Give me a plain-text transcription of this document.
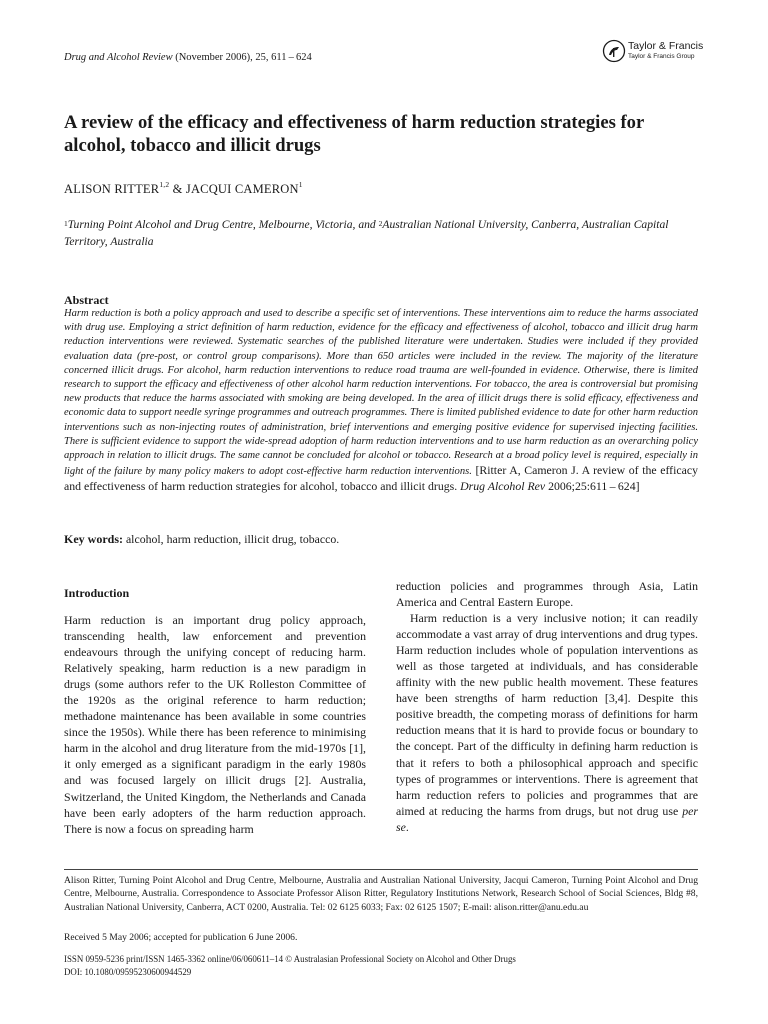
Drug and Alcohol Review (November 2006), 25, 611 – 624
Taylor & Francis
Taylor & Francis Group
A review of the efficacy and effectiveness of harm reduction strategies for alcohol, tobacco and illicit drugs
ALISON RITTER$^{1,2}$ & JACQUI CAMERON$^1$
$^1$Turning Point Alcohol and Drug Centre, Melbourne, Victoria, and $^2$Australian National University, Canberra, Australian Capital Territory, Australia
Abstract
Harm reduction is both a policy approach and used to describe a specific set of interventions. These interventions aim to reduce the harms associated with drug use. Employing a strict definition of harm reduction, evidence for the efficacy and effectiveness of alcohol, tobacco and illicit drug harm reduction interventions were reviewed. Systematic searches of the published literature were undertaken. Studies were included if they provided evaluation data (pre-post, or control group comparisons). More than 650 articles were included in the review. The majority of the literature concerned illicit drugs. For alcohol, harm reduction interventions to reduce road trauma are well-founded in evidence. Otherwise, there is limited research to support the efficacy and effectiveness of other alcohol harm reduction interventions. For tobacco, the area is controversial but promising new products that reduce the harms associated with smoking are being developed. In the area of illicit drugs there is solid efficacy, effectiveness and economic data to support needle syringe programmes and outreach programmes. There is limited published evidence to date for other harm reduction interventions such as non-injecting routes of administration, brief interventions and emerging positive evidence for supervised injecting facilities. There is sufficient evidence to support the wide-spread adoption of harm reduction interventions and to use harm reduction as an overarching policy approach in relation to illicit drugs. The same cannot be concluded for alcohol or tobacco. Research at a broad policy level is required, especially in light of the failure by many policy makers to adopt cost-effective harm reduction interventions. [Ritter A, Cameron J. A review of the efficacy and effectiveness of harm reduction strategies for alcohol, tobacco and illicit drugs. Drug Alcohol Rev 2006;25:611 – 624]
Key words: alcohol, harm reduction, illicit drug, tobacco.
Introduction

Harm reduction is an important drug policy approach, transcending health, law enforcement and prevention endeavours through the unifying concept of reducing harm. Relatively speaking, harm reduction is a new paradigm in drugs (some authors refer to the UK Rolleston Committee of the 1920s as the original reference to harm reduction; methadone maintenance has been available in some countries since the 1950s). While there has been reference to minimising harm in the alcohol and drug literature from the mid-1970s [1], it only emerged as a significant paradigm in the early 1980s and was focused largely on illicit drugs [2]. Australia, Switzerland, the United Kingdom, the Netherlands and Canada have been early adopters of the harm reduction approach. There is now a focus on spreading harm

reduction policies and programmes through Asia, Latin America and Central Eastern Europe.

Harm reduction is a very inclusive notion; it can readily accommodate a vast array of drug interventions and drug types. Harm reduction includes whole of population interventions as well as those targeted at individuals, and has considerable affinity with the new public health movement. These features have been strengths of harm reduction [3,4]. Despite this positive breadth, the competing morass of definitions for harm reduction means that it is hard to provide focus or boundary to the concept. Part of the difficulty in defining harm reduction is that it refers to both a philosophical approach and specific types of programmes or interventions. There is agreement that harm reduction refers to policies and programmes that are aimed at reducing the harms from drugs, but not drug use per se.

Alison Ritter, Turning Point Alcohol and Drug Centre, Melbourne, Australia and Australian National University, Jacqui Cameron, Turning Point Alcohol and Drug Centre, Melbourne, Australia. Correspondence to Associate Professor Alison Ritter, Regulatory Institutions Network, Research School of Social Sciences, Bldg #8, Australian National University, Canberra, ACT 0200, Australia. Tel: 02 6125 6033; Fax: 02 6125 1507; E-mail: alison.ritter@anu.edu.au
Received 5 May 2006; accepted for publication 6 June 2006.
ISSN 0959-5236 print/ISSN 1465-3362 online/06/060611–14 © Australasian Professional Society on Alcohol and Other Drugs
DOI: 10.1080/09595230600944529
